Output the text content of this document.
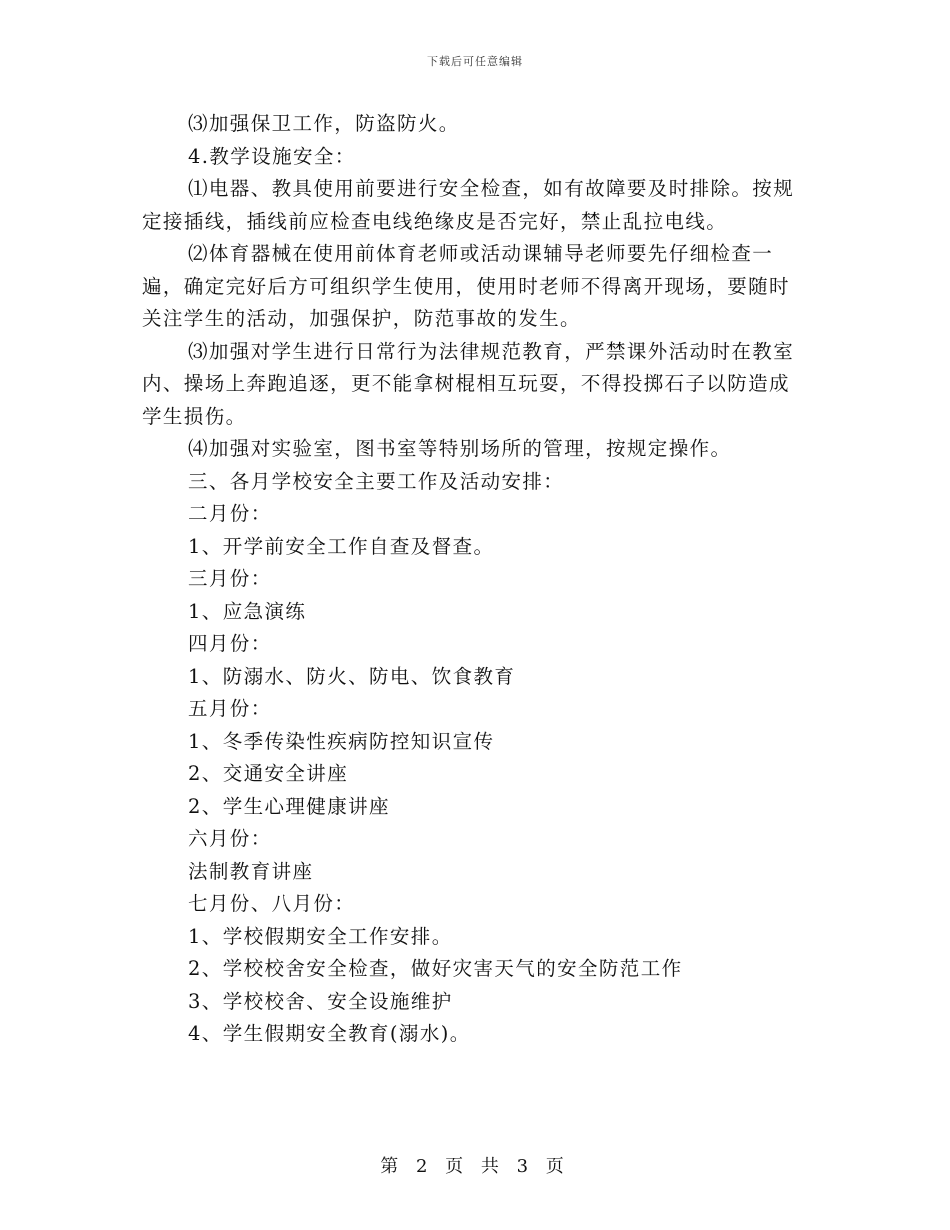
下载后可任意编辑

⑶加强保卫工作，防盗防火。

4.教学设施安全：

⑴电器、教具使用前要进行安全检查，如有故障要及时排除。按规定接插线，插线前应检查电线绝缘皮是否完好，禁止乱拉电线。

⑵体育器械在使用前体育老师或活动课辅导老师要先仔细检查一遍，确定完好后方可组织学生使用，使用时老师不得离开现场，要随时关注学生的活动，加强保护，防范事故的发生。

⑶加强对学生进行日常行为法律规范教育，严禁课外活动时在教室内、操场上奔跑追逐，更不能拿树棍相互玩耍，不得投掷石子以防造成学生损伤。

⑷加强对实验室，图书室等特别场所的管理，按规定操作。

三、各月学校安全主要工作及活动安排：

二月份：

1、开学前安全工作自查及督查。

三月份：

1、应急演练

四月份：

1、防溺水、防火、防电、饮食教育

五月份：

1、冬季传染性疾病防控知识宣传

2、交通安全讲座

2、学生心理健康讲座

六月份：

法制教育讲座

七月份、八月份：

1、学校假期安全工作安排。

2、学校校舍安全检查，做好灾害天气的安全防范工作

3、学校校舍、安全设施维护

4、学生假期安全教育(溺水)。

第 2 页 共 3 页
